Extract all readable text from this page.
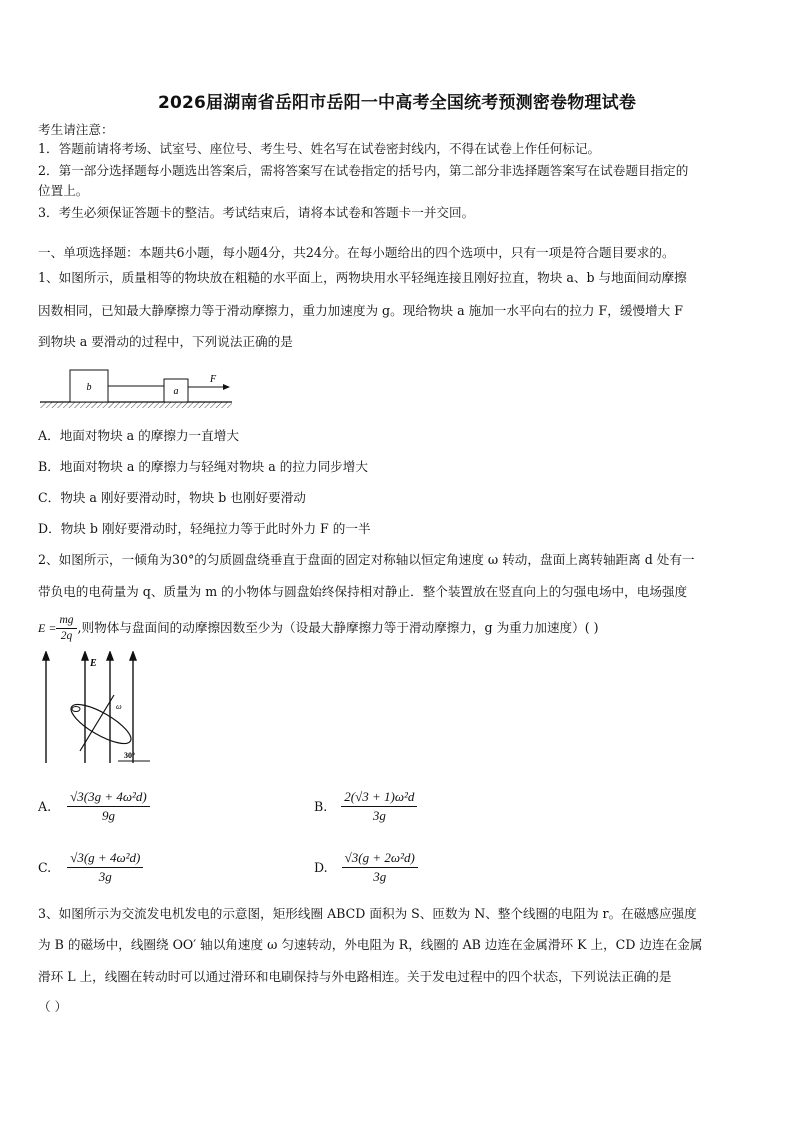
2026届湖南省岳阳市岳阳一中高考全国统考预测密卷物理试卷
考生请注意：
1．答题前请将考场、试室号、座位号、考生号、姓名写在试卷密封线内，不得在试卷上作任何标记。
2．第一部分选择题每小题选出答案后，需将答案写在试卷指定的括号内，第二部分非选择题答案写在试卷题目指定的
位置上。
3．考生必须保证答题卡的整洁。考试结束后，请将本试卷和答题卡一并交回。
一、单项选择题：本题共6小题，每小题4分，共24分。在每小题给出的四个选项中，只有一项是符合题目要求的。
1、如图所示，质量相等的物块放在粗糙的水平面上，两物块用水平轻绳连接且刚好拉直，物块 a、b 与地面间动摩擦
因数相同，已知最大静摩擦力等于滑动摩擦力，重力加速度为 g。现给物块 a 施加一水平向右的拉力 F，缓慢增大 F
到物块 a 要滑动的过程中，下列说法正确的是
b	a
F
A．地面对物块 a 的摩擦力一直增大
B．地面对物块 a 的摩擦力与轻绳对物块 a 的拉力同步增大
C．物块 a 刚好要滑动时，物块 b 也刚好要滑动
D．物块 b 刚好要滑动时，轻绳拉力等于此时外力 F 的一半
2、如图所示，一倾角为30°的匀质圆盘绕垂直于盘面的固定对称轴以恒定角速度 ω 转动，盘面上离转轴距离 d 处有一
带负电的电荷量为 q、质量为 m 的小物体与圆盘始终保持相对静止．整个装置放在竖直向上的匀强电场中，电场强度
$E = \frac{mg}{2q}$ ,则物体与盘面间的动摩擦因数至少为（设最大静摩擦力等于滑动摩擦力，g 为重力加速度）( )
E
ω
30°
A. $\frac{\text{√3(3g + 4ω²d)}}{9g}$	B. $\frac{\text{2(√3 + 1)ω²d}}{3g}$
C. $\frac{\text{√3(g + 4ω²d)}}{3g}$	D. $\frac{\text{√3(g + 2ω²d)}}{3g}$
3、如图所示为交流发电机发电的示意图，矩形线圈 ABCD 面积为 S、匝数为 N、整个线圈的电阻为 r。在磁感应强度
为 B 的磁场中，线圈绕 OO′ 轴以角速度 ω 匀速转动，外电阻为 R，线圈的 AB 边连在金属滑环 K 上，CD 边连在金属
滑环 L 上，线圈在转动时可以通过滑环和电刷保持与外电路相连。关于发电过程中的四个状态，下列说法正确的是
（ ）
